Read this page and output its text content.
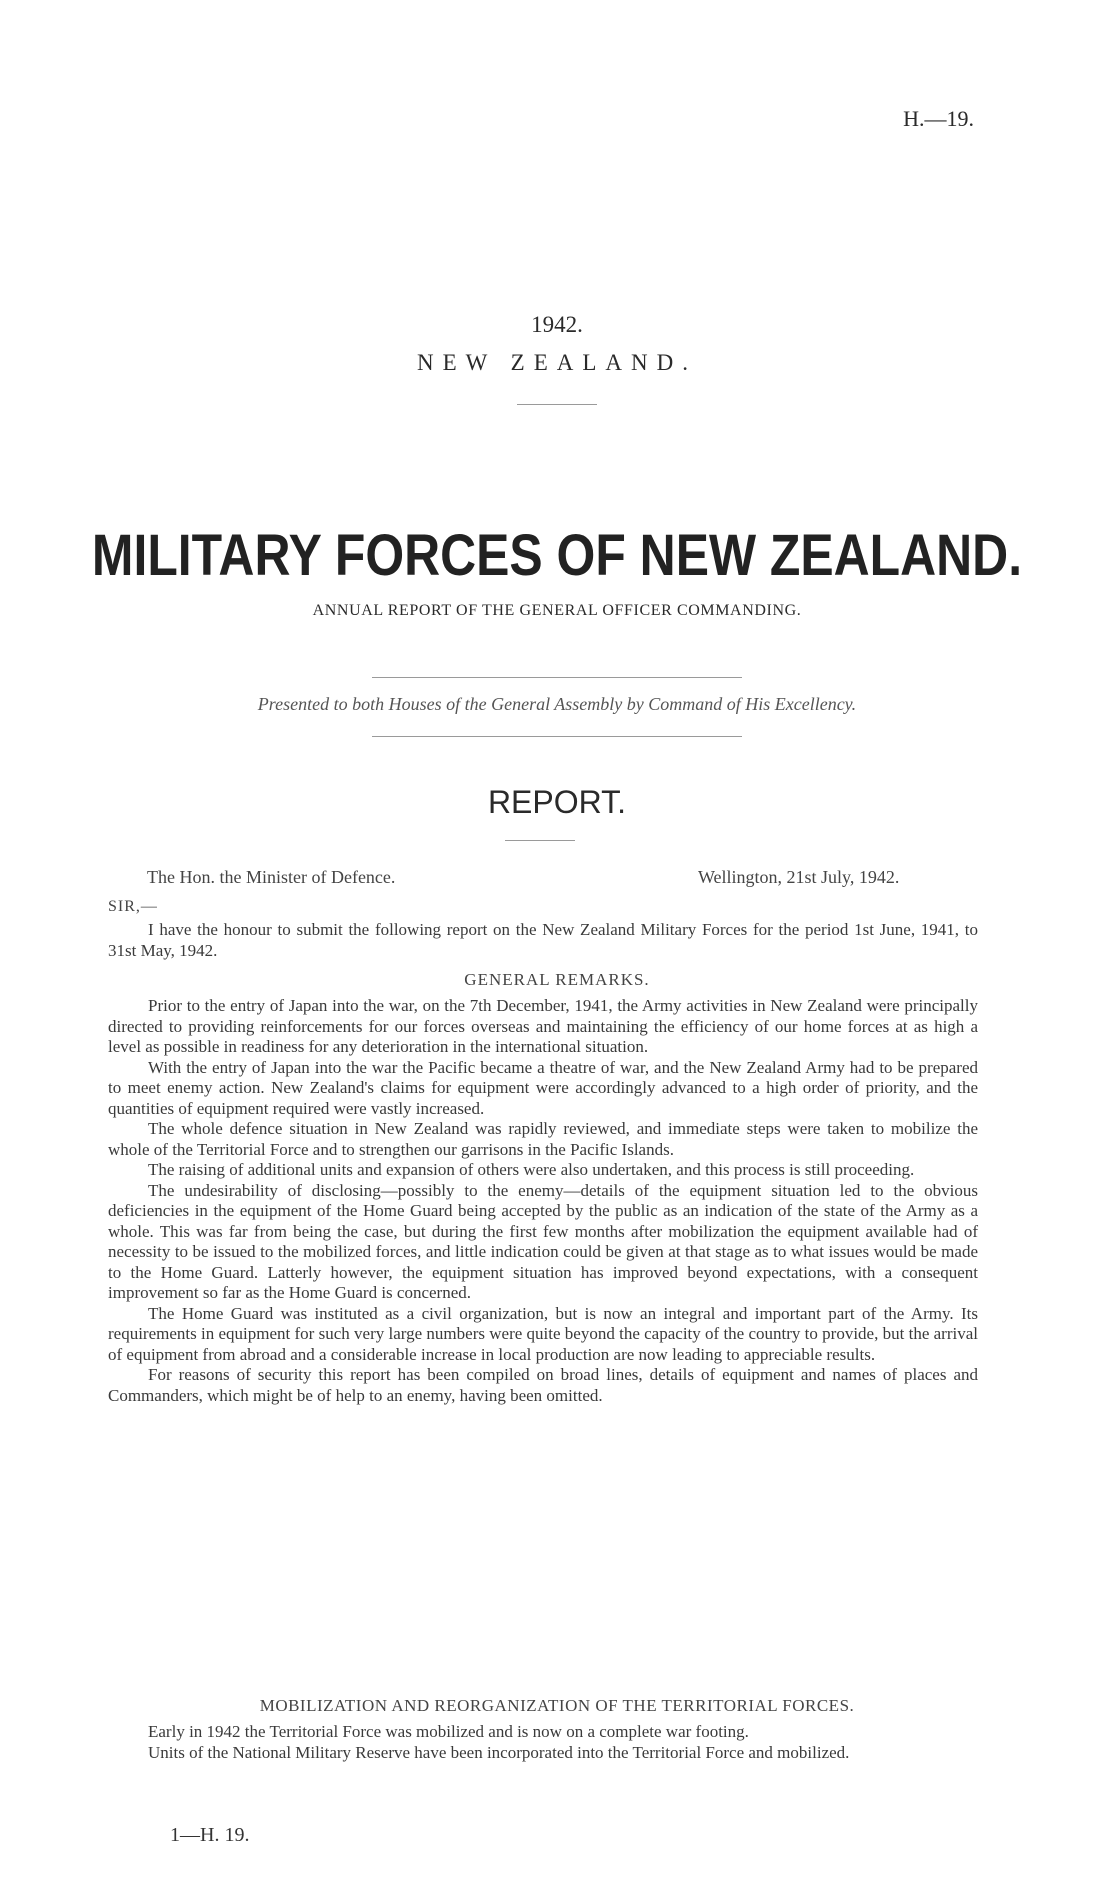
H.—19.
1942.
NEW ZEALAND.
MILITARY FORCES OF NEW ZEALAND.
ANNUAL REPORT OF THE GENERAL OFFICER COMMANDING.
Presented to both Houses of the General Assembly by Command of His Excellency.
REPORT.
The Hon. the Minister of Defence.	Wellington, 21st July, 1942.
SIR,—

I have the honour to submit the following report on the New Zealand Military Forces for the period 1st June, 1941, to 31st May, 1942.

GENERAL REMARKS.

Prior to the entry of Japan into the war, on the 7th December, 1941, the Army activities in New Zealand were principally directed to providing reinforcements for our forces overseas and maintaining the efficiency of our home forces at as high a level as possible in readiness for any deterioration in the international situation.

With the entry of Japan into the war the Pacific became a theatre of war, and the New Zealand Army had to be prepared to meet enemy action. New Zealand's claims for equipment were accordingly advanced to a high order of priority, and the quantities of equipment required were vastly increased.

The whole defence situation in New Zealand was rapidly reviewed, and immediate steps were taken to mobilize the whole of the Territorial Force and to strengthen our garrisons in the Pacific Islands.

The raising of additional units and expansion of others were also undertaken, and this process is still proceeding.

The undesirability of disclosing—possibly to the enemy—details of the equipment situation led to the obvious deficiencies in the equipment of the Home Guard being accepted by the public as an indication of the state of the Army as a whole. This was far from being the case, but during the first few months after mobilization the equipment available had of necessity to be issued to the mobilized forces, and little indication could be given at that stage as to what issues would be made to the Home Guard. Latterly however, the equipment situation has improved beyond expectations, with a consequent improvement so far as the Home Guard is concerned.

The Home Guard was instituted as a civil organization, but is now an integral and important part of the Army. Its requirements in equipment for such very large numbers were quite beyond the capacity of the country to provide, but the arrival of equipment from abroad and a considerable increase in local production are now leading to appreciable results.

For reasons of security this report has been compiled on broad lines, details of equipment and names of places and Commanders, which might be of help to an enemy, having been omitted.

MOBILIZATION AND REORGANIZATION OF THE TERRITORIAL FORCES.

Early in 1942 the Territorial Force was mobilized and is now on a complete war footing.

Units of the National Military Reserve have been incorporated into the Territorial Force and mobilized.

1—H. 19.
